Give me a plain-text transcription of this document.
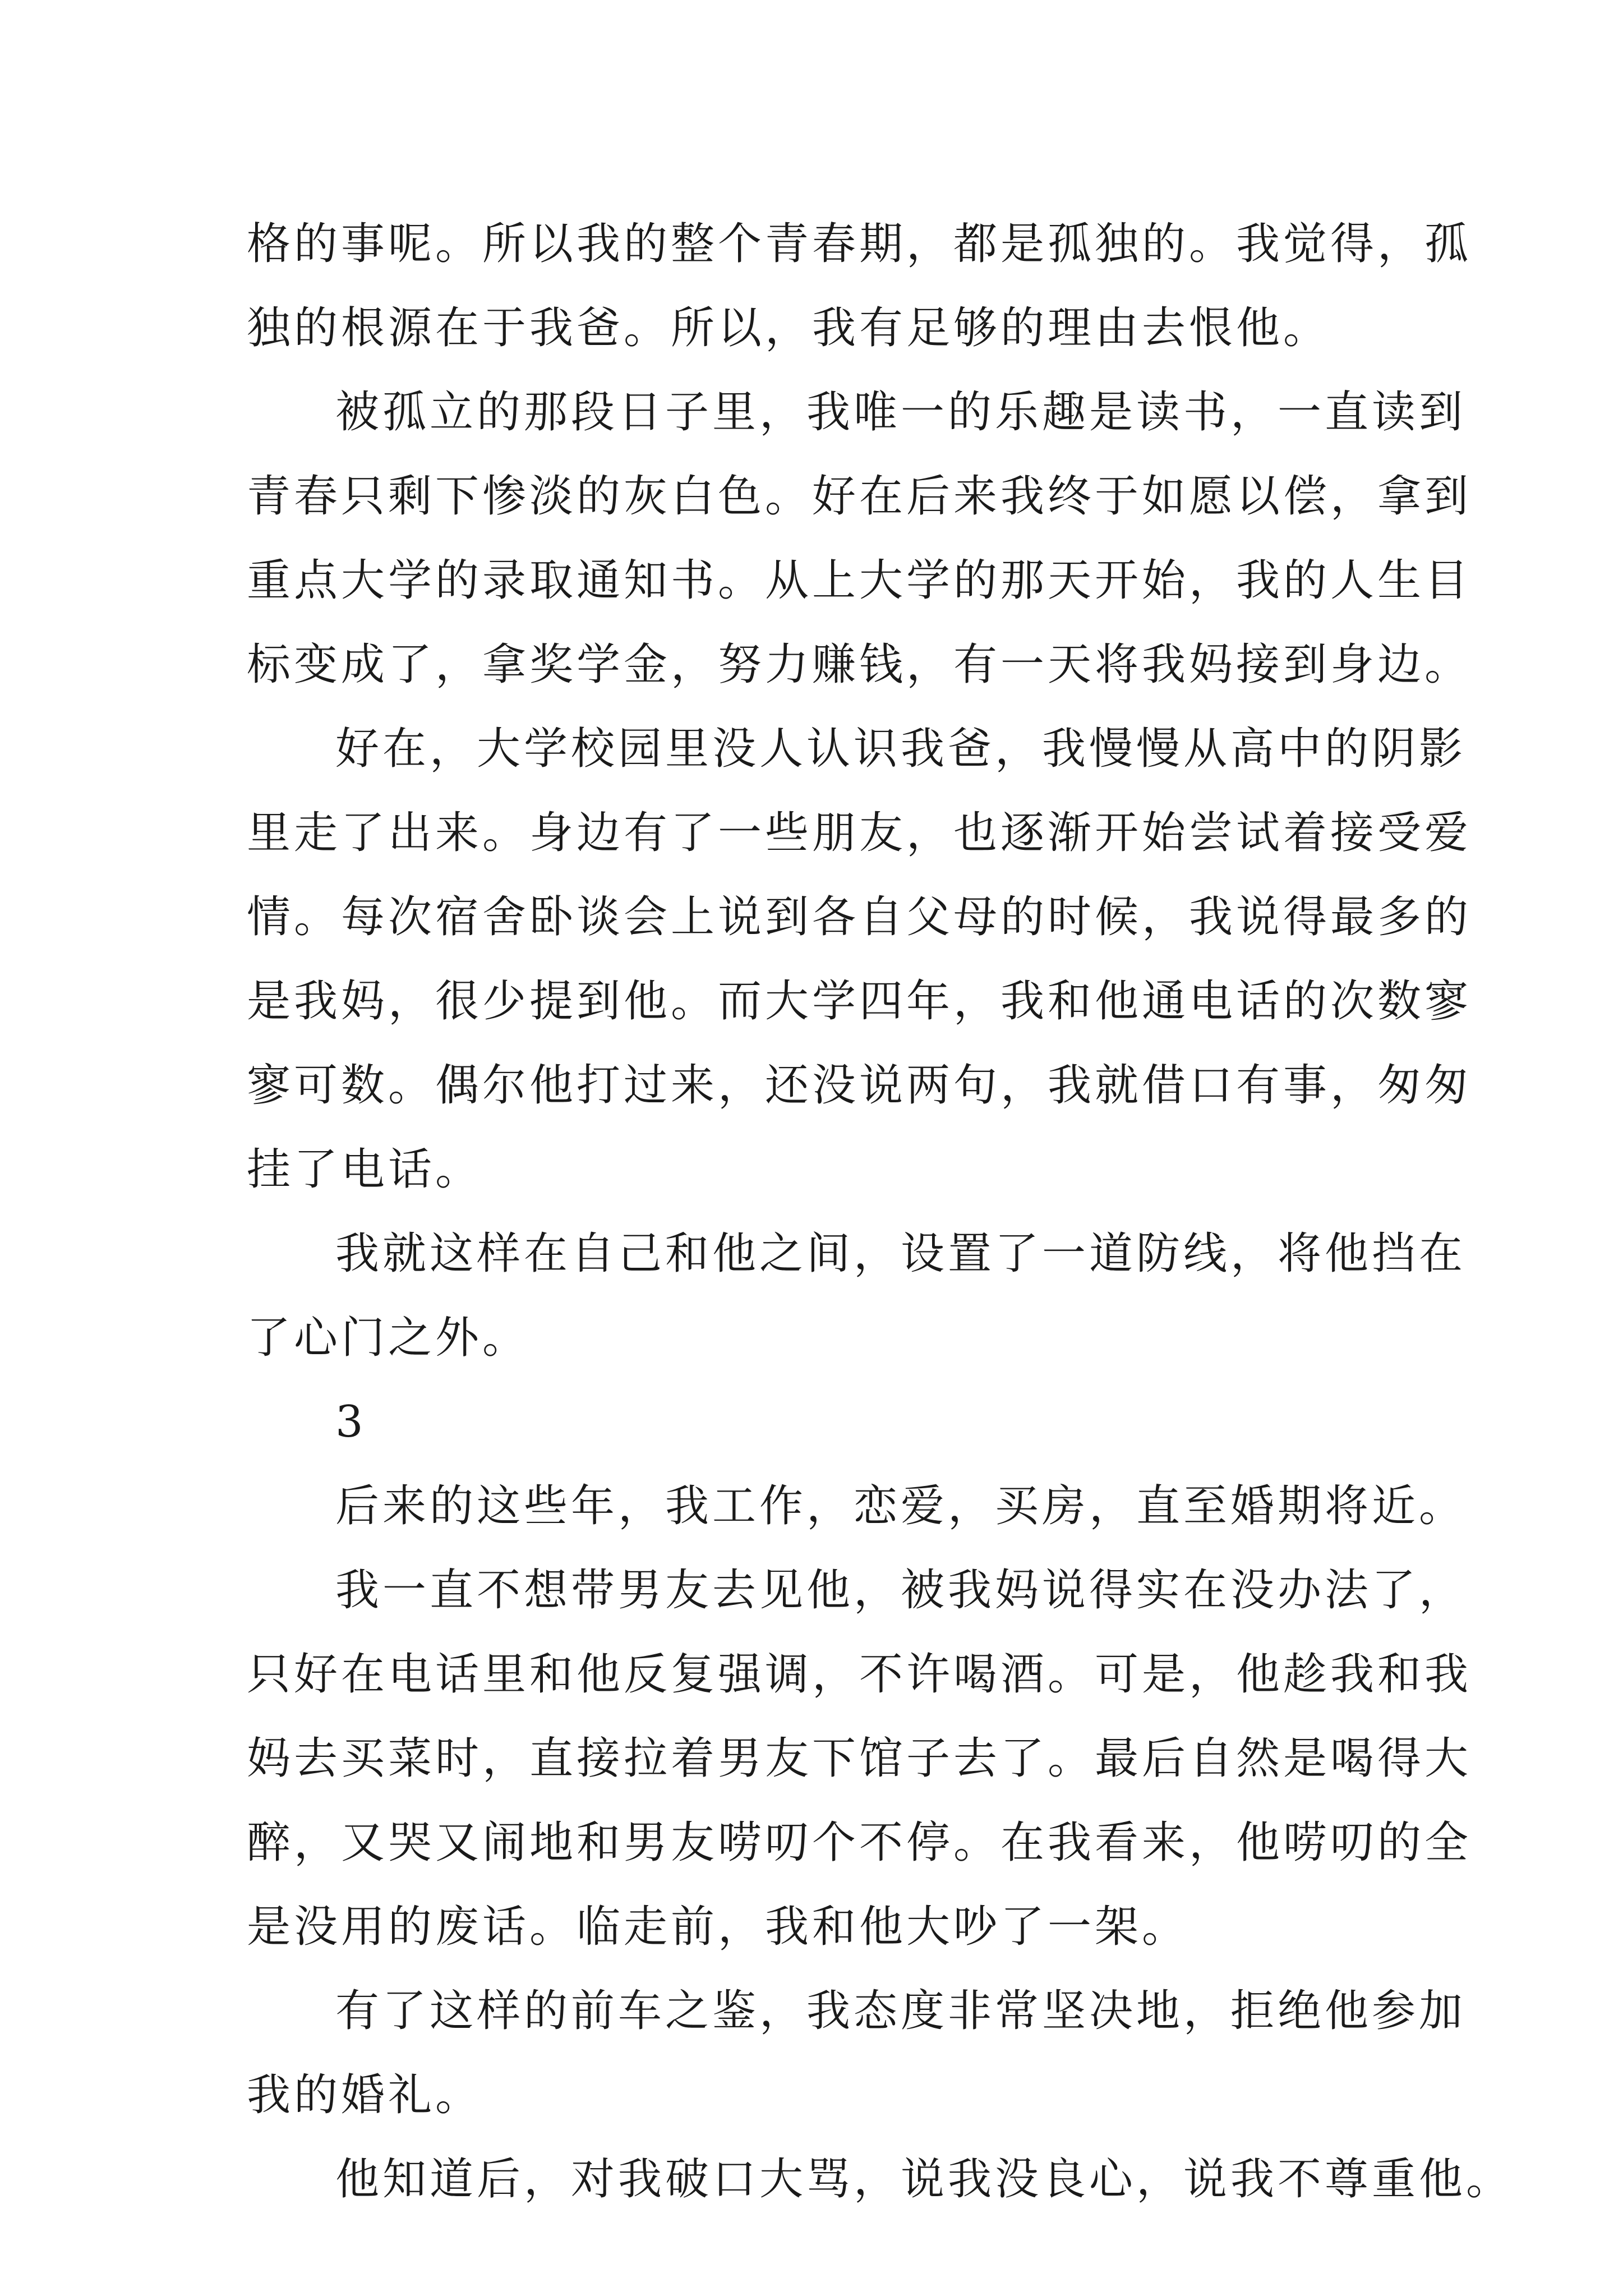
格的事呢。所以我的整个青春期，都是孤独的。我觉得，孤
独的根源在于我爸。所以，我有足够的理由去恨他。
被孤立的那段日子里，我唯一的乐趣是读书，一直读到
青春只剩下惨淡的灰白色。好在后来我终于如愿以偿，拿到
重点大学的录取通知书。从上大学的那天开始，我的人生目
标变成了，拿奖学金，努力赚钱，有一天将我妈接到身边。
好在，大学校园里没人认识我爸，我慢慢从高中的阴影
里走了出来。身边有了一些朋友，也逐渐开始尝试着接受爱
情。每次宿舍卧谈会上说到各自父母的时候，我说得最多的
是我妈，很少提到他。而大学四年，我和他通电话的次数寥
寥可数。偶尔他打过来，还没说两句，我就借口有事，匆匆
挂了电话。
我就这样在自己和他之间，设置了一道防线，将他挡在
了心门之外。
3
后来的这些年，我工作，恋爱，买房，直至婚期将近。
我一直不想带男友去见他，被我妈说得实在没办法了，
只好在电话里和他反复强调，不许喝酒。可是，他趁我和我
妈去买菜时，直接拉着男友下馆子去了。最后自然是喝得大
醉，又哭又闹地和男友唠叨个不停。在我看来，他唠叨的全
是没用的废话。临走前，我和他大吵了一架。
有了这样的前车之鉴，我态度非常坚决地，拒绝他参加
我的婚礼。
他知道后，对我破口大骂，说我没良心，说我不尊重他。
